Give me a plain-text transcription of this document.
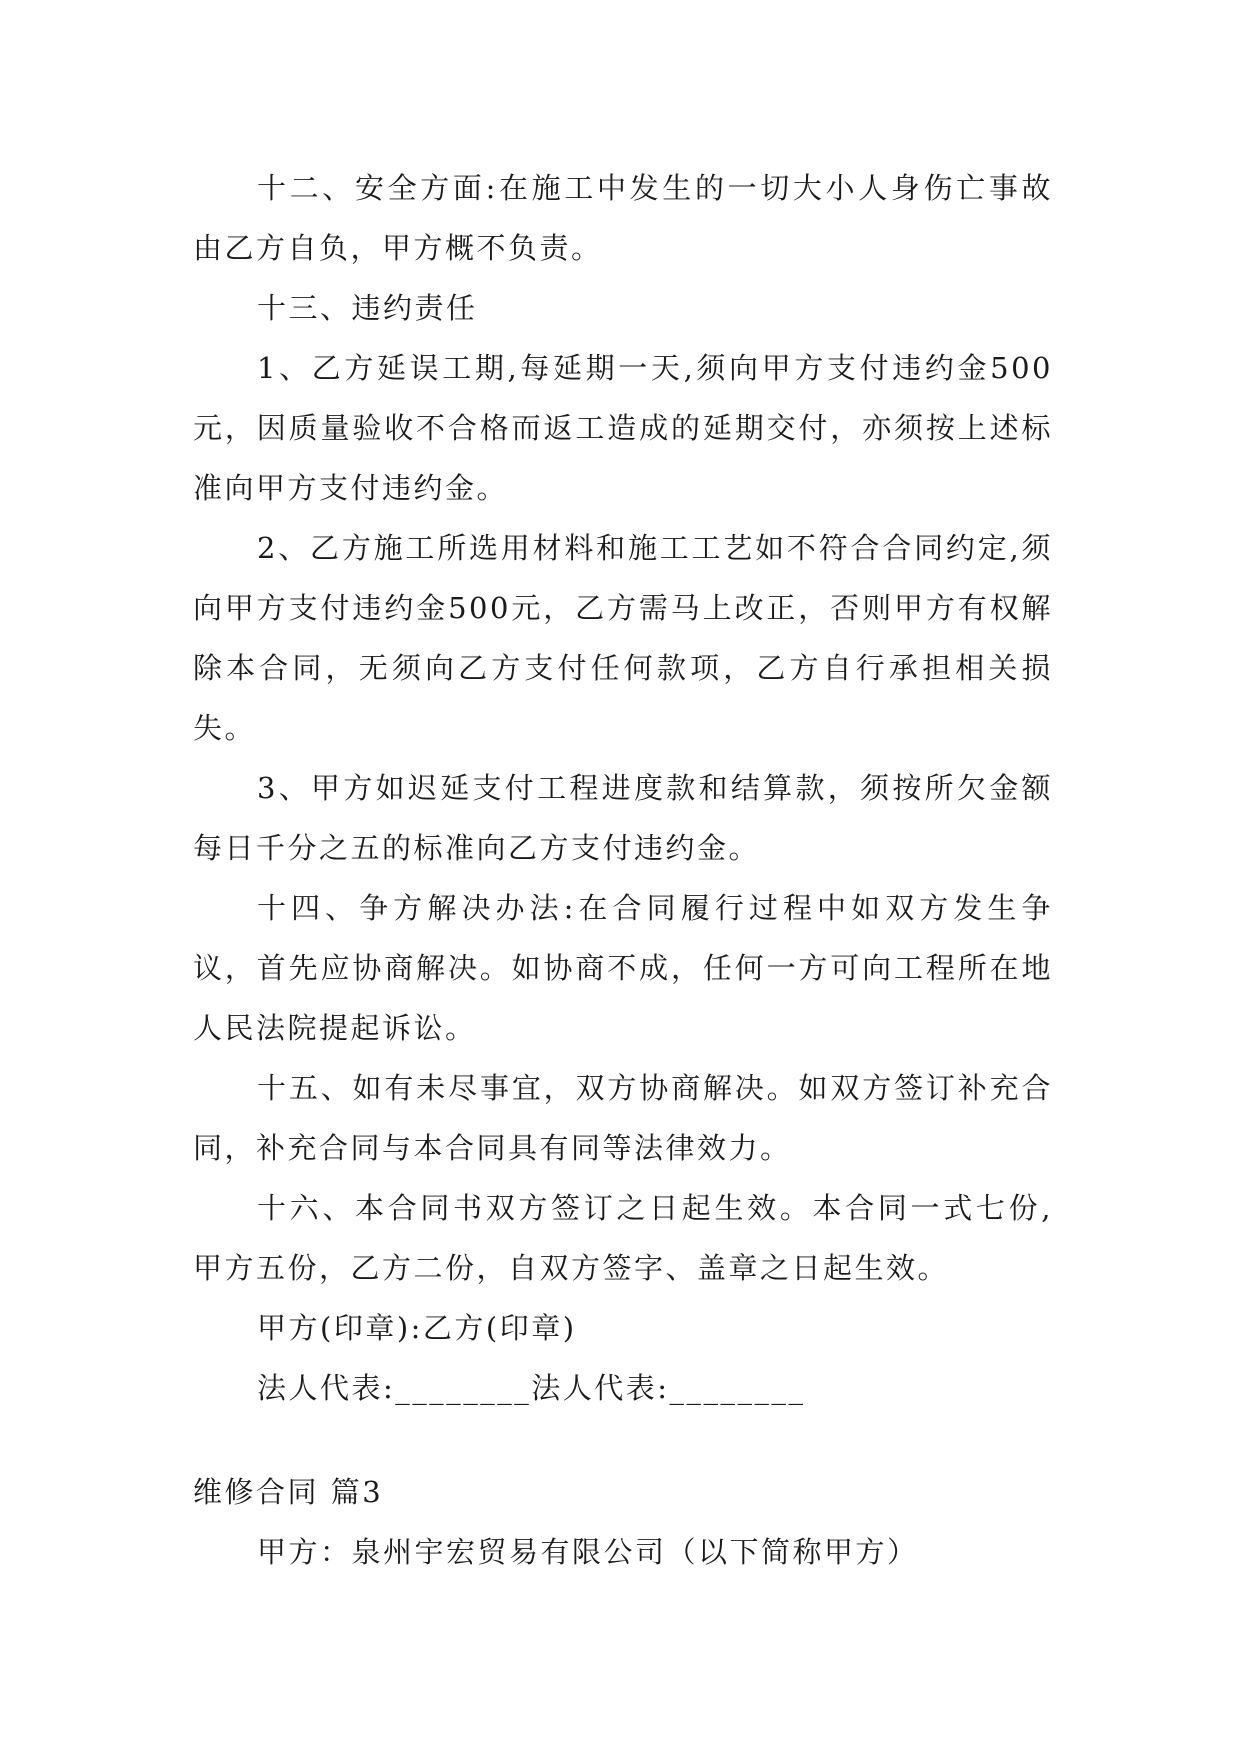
十二、安全方面:在施工中发生的一切大小人身伤亡事故由乙方自负，甲方概不负责。

十三、违约责任

1、乙方延误工期,每延期一天,须向甲方支付违约金500元，因质量验收不合格而返工造成的延期交付，亦须按上述标准向甲方支付违约金。

2、乙方施工所选用材料和施工工艺如不符合合同约定,须向甲方支付违约金500元，乙方需马上改正，否则甲方有权解除本合同，无须向乙方支付任何款项，乙方自行承担相关损失。

3、甲方如迟延支付工程进度款和结算款，须按所欠金额每日千分之五的标准向乙方支付违约金。

十四、争方解决办法:在合同履行过程中如双方发生争议，首先应协商解决。如协商不成，任何一方可向工程所在地人民法院提起诉讼。

十五、如有未尽事宜，双方协商解决。如双方签订补充合同，补充合同与本合同具有同等法律效力。

十六、本合同书双方签订之日起生效。本合同一式七份,甲方五份，乙方二份，自双方签字、盖章之日起生效。

甲方(印章):乙方(印章)

法人代表:________法人代表:________

维修合同 篇3

甲方：泉州宇宏贸易有限公司（以下简称甲方）
